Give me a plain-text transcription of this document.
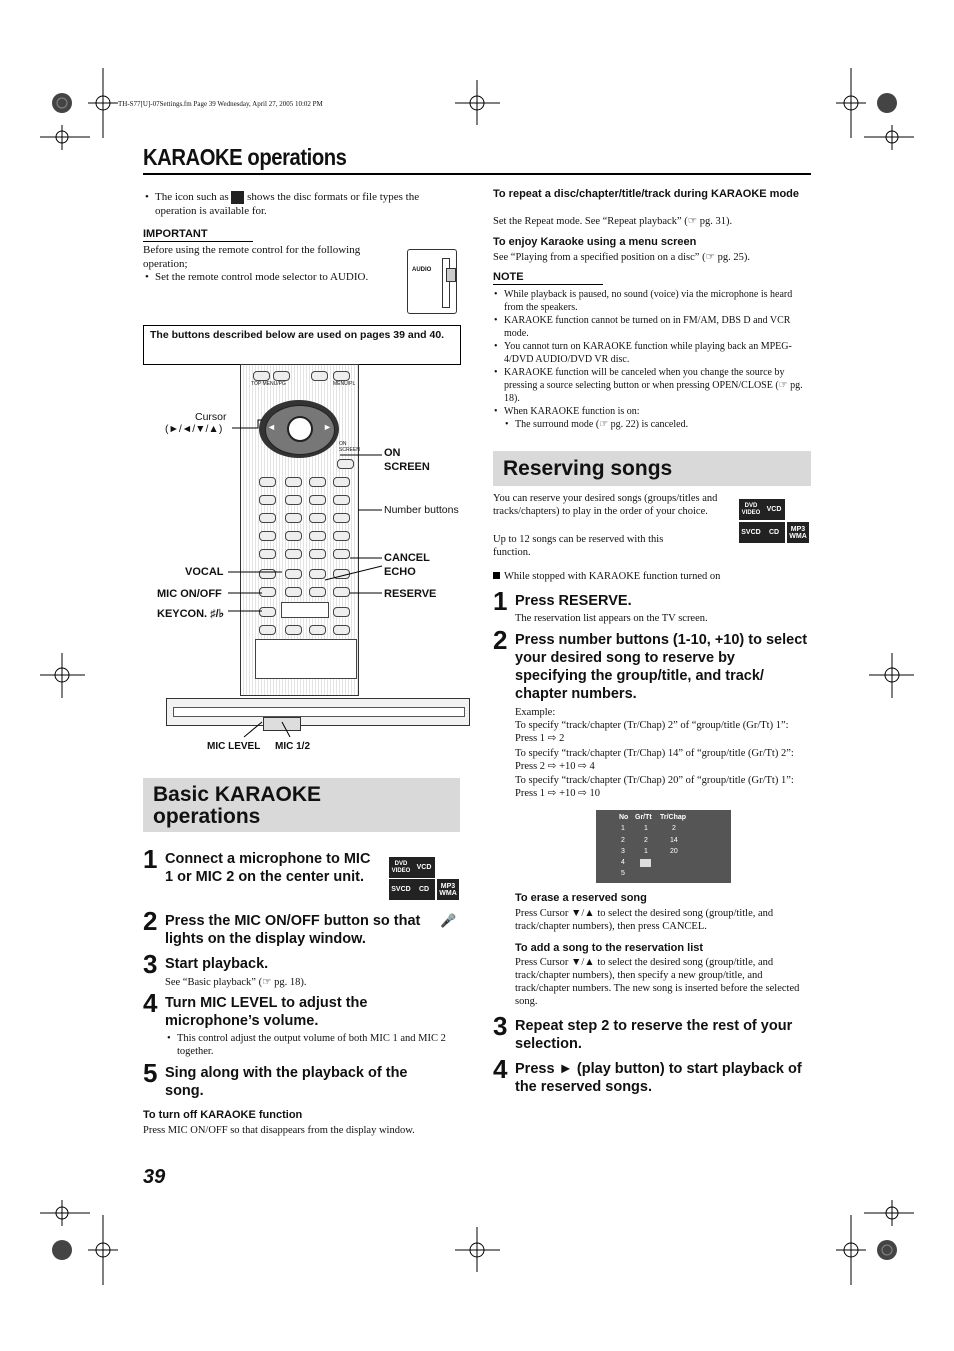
TH-S77[U]-07Settings.fm Page 39 Wednesday, April 27, 2005 10:02 PM
KARAOKE operations
• The icon such as shows the disc formats or file types the operation is available for.
IMPORTANT
Before using the remote control for the following operation;
• Set the remote control mode selector to AUDIO.
AUDIO
The buttons described below are used on pages 39 and 40.
TOP MENU/PG	MENU/PL
◄	►
ON
SCREEN
Cursor
(►/◄/▼/▲)
ON SCREEN
Number buttons
CANCEL
ECHO
RESERVE
VOCAL
MIC ON/OFF
KEYCON. ♯/♭
MIC LEVEL MIC 1/2
Basic KARAOKE operations
1 Connect a microphone to MIC 1 or MIC 2 on the center unit.
DVD VIDEO VCD
SVCD	CD	MP3 WMA
2 Press the MIC ON/OFF button so that lights on the display window.
🎤
3 Start playback.
See “Basic playback” (☞ pg. 18).
4 Turn MIC LEVEL to adjust the microphone’s volume.
• This control adjust the output volume of both MIC 1 and MIC 2 together.
5 Sing along with the playback of the song.
To turn off KARAOKE function
Press MIC ON/OFF so that disappears from the display window.
39
To repeat a disc/chapter/title/track during KARAOKE mode
Set the Repeat mode. See “Repeat playback” (☞ pg. 31).
To enjoy Karaoke using a menu screen
See “Playing from a specified position on a disc” (☞ pg. 25).
NOTE
• While playback is paused, no sound (voice) via the microphone is heard from the speakers.
• KARAOKE function cannot be turned on in FM/AM, DBS D and VCR mode.
• You cannot turn on KARAOKE function while playing back an MPEG-4/DVD AUDIO/DVD VR disc.
• KARAOKE function will be canceled when you change the source by pressing a source selecting button or when pressing OPEN/CLOSE (☞ pg. 18).
• When KARAOKE function is on:
• The surround mode (☞ pg. 22) is canceled.
Reserving songs
You can reserve your desired songs (groups/titles and tracks/chapters) to play in the order of your choice.
Up to 12 songs can be reserved with this function.
DVD VIDEO VCD
SVCD	CD	MP3 WMA
While stopped with KARAOKE function turned on
1 Press RESERVE.
The reservation list appears on the TV screen.
2 Press number buttons (1-10, +10) to select your desired song to reserve by specifying the group/title, and track/ chapter numbers.
Example:
To specify “track/chapter (Tr/Chap) 2” of “group/title (Gr/Tt) 1”: Press 1 ⇨ 2
To specify “track/chapter (Tr/Chap) 14” of “group/title (Gr/Tt) 2”: Press 2 ⇨ +10 ⇨ 4
To specify “track/chapter (Tr/Chap) 20” of “group/title (Gr/Tt) 1”: Press 1 ⇨ +10 ⇨ 10
No Gr/Tt Tr/Chap
1	1	2
2	2	14
3	1	20
4
5
To erase a reserved song
Press Cursor ▼/▲ to select the desired song (group/title, and track/chapter numbers), then press CANCEL.
To add a song to the reservation list
Press Cursor ▼/▲ to select the desired song (group/title, and track/chapter numbers), then specify a new group/title, and track/chapter numbers. The new song is inserted before the selected song.
3 Repeat step 2 to reserve the rest of your selection.
4 Press ► (play button) to start playback of the reserved songs.
